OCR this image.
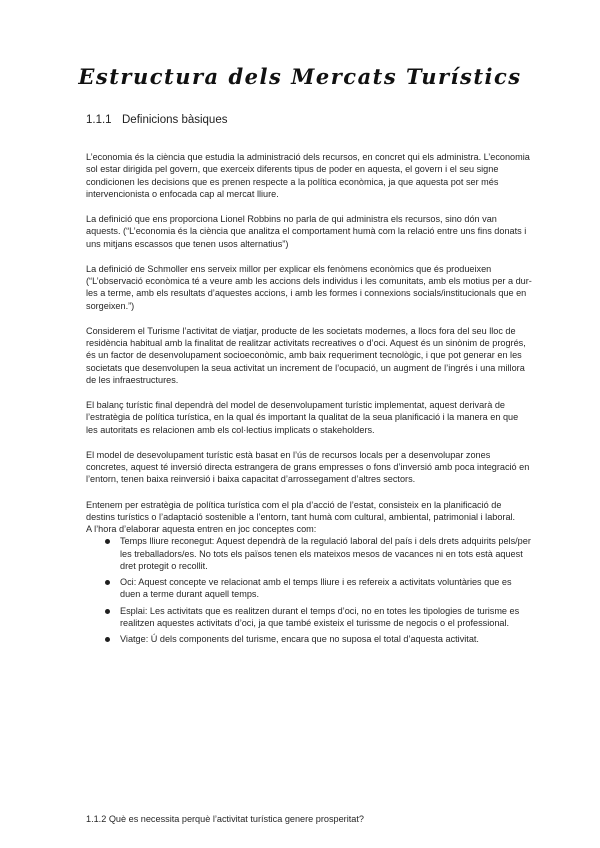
Estructura dels Mercats Turístics
1.1.1 Definicions bàsiques

L’economia és la ciència que estudia la administració dels recursos, en concret qui els administra. L’economia sol estar dirigida pel govern, que exerceix diferents tipus de poder en aquesta, el govern i el seu signe condicionen les decisions que es prenen respecte a la política econòmica, ja que aquesta pot ser més intervencionista o enfocada cap al mercat lliure.

La definició que ens proporciona Lionel Robbins no parla de qui administra els recursos, sino dón van aquests. (“L’economia és la ciència que analitza el comportament humà com la relació entre uns fins donats i uns mitjans escassos que tenen usos alternatius”)

La definició de Schmoller ens serveix millor per explicar els fenòmens econòmics que és produeixen (“L’observació econòmica té a veure amb les accions dels individus i les comunitats, amb els motius per a dur-les a terme, amb els resultats d’aquestes accions, i amb les formes i connexions socials/institucionals que en sorgeixen.”)

Considerem el Turisme l’activitat de viatjar, producte de les societats modernes, a llocs fora del seu lloc de residència habitual amb la finalitat de realitzar activitats recreatives o d’oci. Aquest és un sinònim de progrés, és un factor de desenvolupament socioeconòmic, amb baix requeriment tecnològic, i que pot generar en les societats que desenvolupen la seua activitat un increment de l’ocupació, un augment de l’ingrés i una millora de les infraestructures.

El balanç turístic final dependrà del model de desenvolupament turístic implementat, aquest derivarà de l’estratègia de política turística, en la qual és important la qualitat de la seua planificació i la manera en que les autoritats es relacionen amb els col·lectius implicats o stakeholders.

El model de desevolupament turístic està basat en l’ús de recursos locals per a desenvolupar zones concretes, aquest té inversió directa estrangera de grans empresses o fons d’inversió amb poca integració en l’entorn, tenen baixa reinversió i baixa capacitat d’arrossegament d’altres sectors.

Entenem per estratègia de política turística com el pla d’acció de l’estat, consisteix en la planificació de destins turístics o l’adaptació sostenible a l’entorn, tant humà com cultural, ambiental, patrimonial i laboral.

A l’hora d’elaborar aquesta entren en joc conceptes com:

Temps lliure reconegut: Aquest dependrà de la regulació laboral del país i dels drets adquirits pels/per les treballadors/es. No tots els països tenen els mateixos mesos de vacances ni en tots està aquest dret protegit o recollit.
Oci: Aquest concepte ve relacionat amb el temps lliure i es refereix a activitats voluntàries que es duen a terme durant aquell temps.
Esplai: Les activitats que es realitzen durant el temps d’oci, no en totes les tipologies de turisme es realitzen aquestes activitats d’oci, ja que també existeix el turissme de negocis o el professional.
Viatge: Ú dels components del turisme, encara que no suposa el total d’aquesta activitat.
1.1.2 Què es necessita perquè l’activitat turística genere prosperitat?
